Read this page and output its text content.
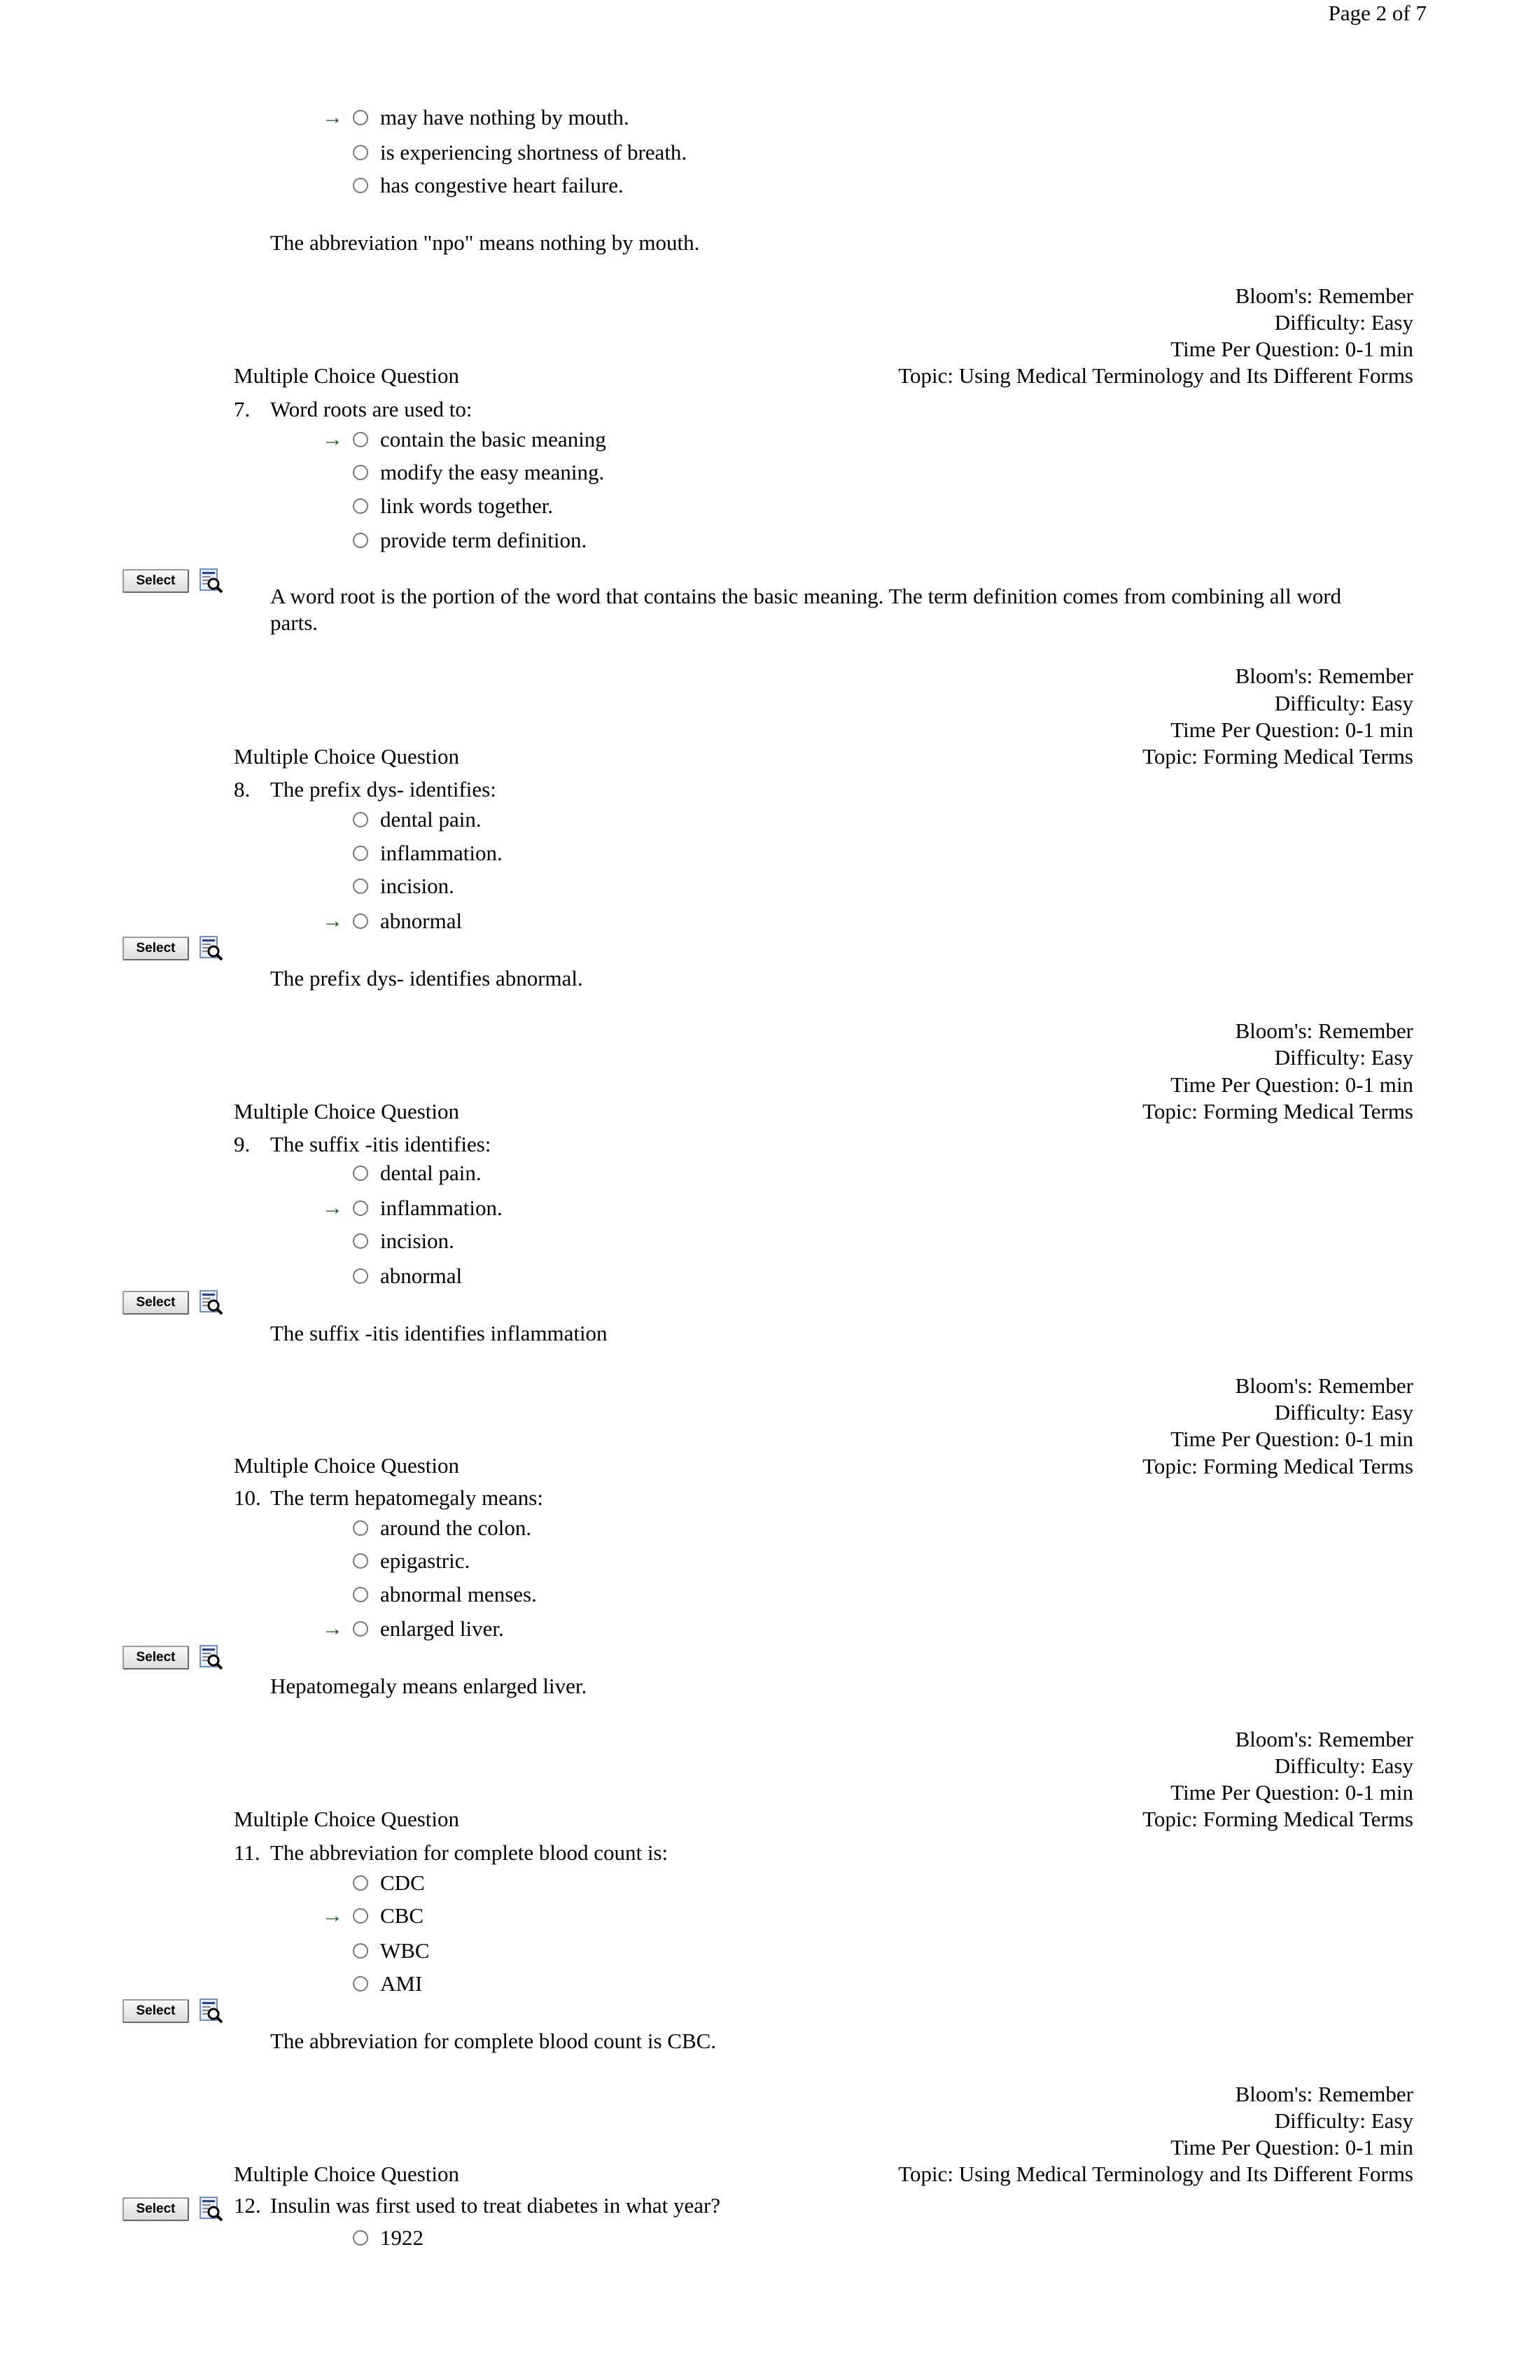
Page 2 of 7
→ may have nothing by mouth.
is experiencing shortness of breath.
has congestive heart failure.
The abbreviation "npo" means nothing by mouth.
Bloom's: Remember
Difficulty: Easy
Time Per Question: 0-1 min
Topic: Using Medical Terminology and Its Different Forms
Multiple Choice Question
7. Word roots are used to:
→ contain the basic meaning
modify the easy meaning.
link words together.
provide term definition.
Select
A word root is the portion of the word that contains the basic meaning. The term definition comes from combining all word parts.
Bloom's: Remember
Difficulty: Easy
Time Per Question: 0-1 min
Topic: Forming Medical Terms
Multiple Choice Question
8. The prefix dys- identifies:
dental pain.
inflammation.
incision.
→ abnormal
Select
The prefix dys- identifies abnormal.
Bloom's: Remember
Difficulty: Easy
Time Per Question: 0-1 min
Topic: Forming Medical Terms
Multiple Choice Question
9. The suffix -itis identifies:
dental pain.
→ inflammation.
incision.
abnormal
Select
The suffix -itis identifies inflammation
Bloom's: Remember
Difficulty: Easy
Time Per Question: 0-1 min
Topic: Forming Medical Terms
Multiple Choice Question
10. The term hepatomegaly means:
around the colon.
epigastric.
abnormal menses.
→ enlarged liver.
Select
Hepatomegaly means enlarged liver.
Bloom's: Remember
Difficulty: Easy
Time Per Question: 0-1 min
Topic: Forming Medical Terms
Multiple Choice Question
11. The abbreviation for complete blood count is:
CDC
→ CBC
WBC
AMI
Select
The abbreviation for complete blood count is CBC.
Bloom's: Remember
Difficulty: Easy
Time Per Question: 0-1 min
Topic: Using Medical Terminology and Its Different Forms
Multiple Choice Question
12. Insulin was first used to treat diabetes in what year?
1922
Select
